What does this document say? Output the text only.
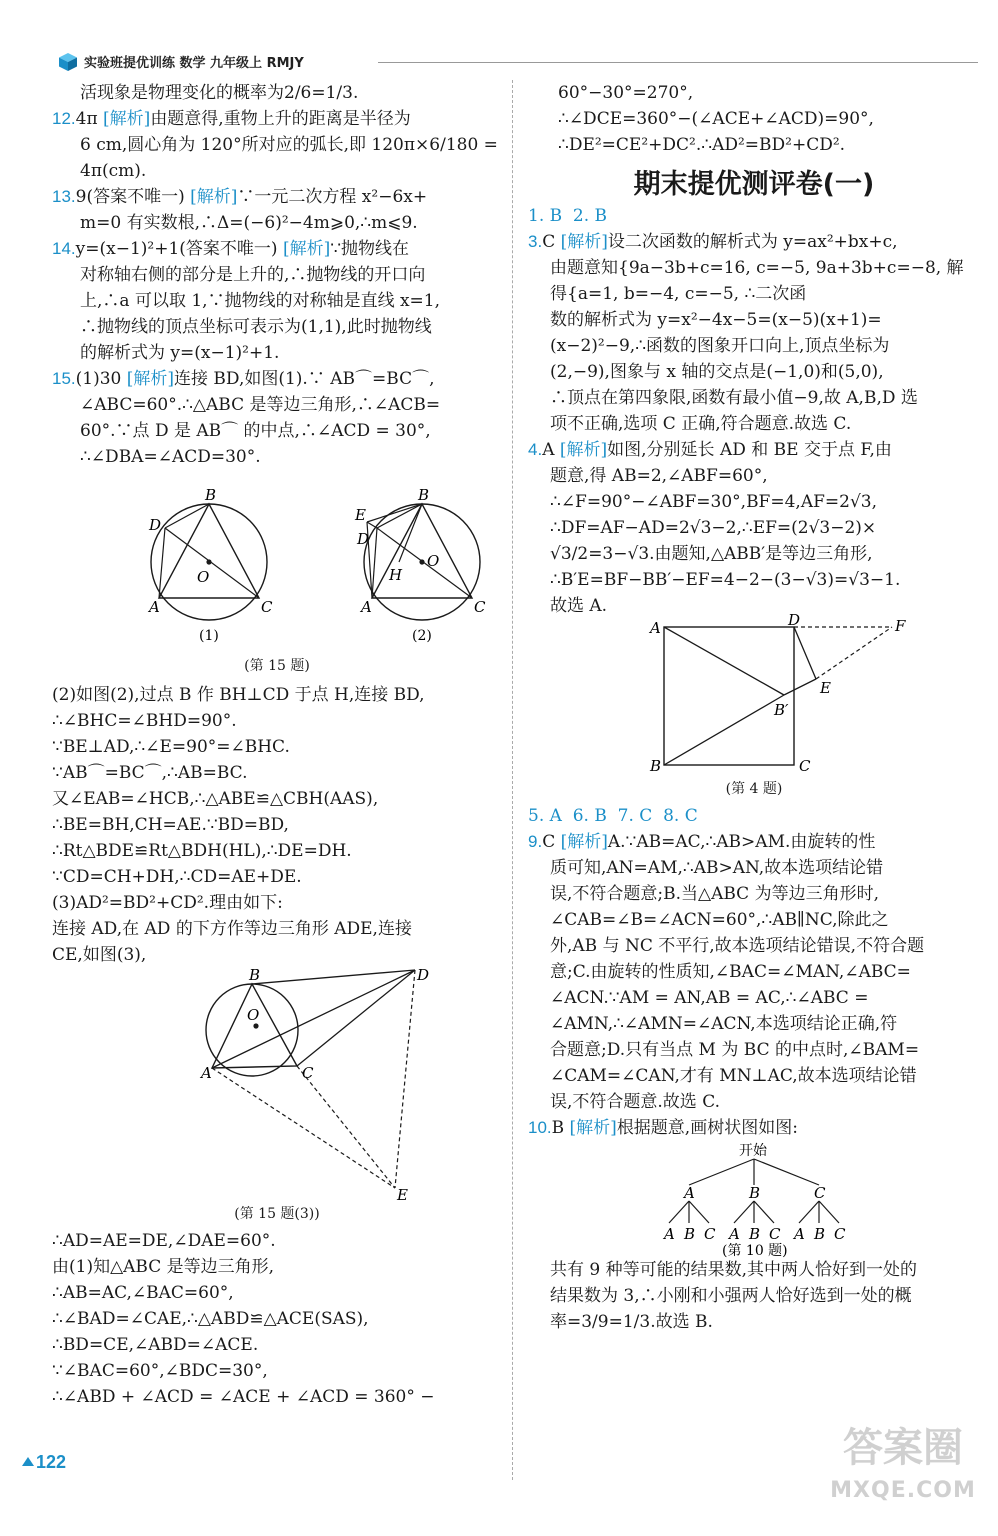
实验班提优训练 数学 九年级上 RMJY

活现象是物理变化的概率为2/6=1/3.

12.4π [解析]由题意得,重物上升的距离是半径为

6 cm,圆心角为 120°所对应的弧长,即 120π×6/180 =

4π(cm).

13.9(答案不唯一) [解析]∵一元二次方程 x²−6x+

m=0 有实数根,∴Δ=(−6)²−4m⩾0,∴m⩽9.

14.y=(x−1)²+1(答案不唯一) [解析]∵抛物线在

对称轴右侧的部分是上升的,∴抛物线的开口向

上,∴a 可以取 1,∵抛物线的对称轴是直线 x=1,

∴抛物线的顶点坐标可表示为(1,1),此时抛物线

的解析式为 y=(x−1)²+1.

15.(1)30 [解析]连接 BD,如图(1).∵ AB⌒=BC⌒,

∠ABC=60°.∴△ABC 是等边三角形,∴∠ACB=

60°.∵点 D 是 AB⌒ 的中点,∴∠ACD = 30°,

∴∠DBA=∠ACD=30°.

B
A	C
D
O
(1)
B
A	C
D
E
H
O
(2)
(第 15 题)

(2)如图(2),过点 B 作 BH⊥CD 于点 H,连接 BD,

∴∠BHC=∠BHD=90°.

∵BE⊥AD,∴∠E=90°=∠BHC.

∵AB⌒=BC⌒,∴AB=BC.

又∠EAB=∠HCB,∴△ABE≌△CBH(AAS),

∴BE=BH,CH=AE.∵BD=BD,

∴Rt△BDE≌Rt△BDH(HL),∴DE=DH.

∵CD=CH+DH,∴CD=AE+DE.

(3)AD²=BD²+CD².理由如下:

连接 AD,在 AD 的下方作等边三角形 ADE,连接

CE,如图(3),

B
A	C
D
E
O
(第 15 题(3))

∴AD=AE=DE,∠DAE=60°.

由(1)知△ABC 是等边三角形,

∴AB=AC,∠BAC=60°,

∴∠BAD=∠CAE,∴△ABD≌△ACE(SAS),

∴BD=CE,∠ABD=∠ACE.

∵∠BAC=60°,∠BDC=30°,

∴∠ABD + ∠ACD = ∠ACE + ∠ACD = 360° −

60°−30°=270°,

∴∠DCE=360°−(∠ACE+∠ACD)=90°,

∴DE²=CE²+DC².∴AD²=BD²+CD².

期末提优测评卷(一)

1. B  2. B

3.C [解析]设二次函数的解析式为 y=ax²+bx+c,

由题意知{9a−3b+c=16, c=−5, 9a+3b+c=−8, 解得{a=1, b=−4, c=−5, ∴二次函

数的解析式为 y=x²−4x−5=(x−5)(x+1)=

(x−2)²−9,∴函数的图象开口向上,顶点坐标为

(2,−9),图象与 x 轴的交点是(−1,0)和(5,0),

∴顶点在第四象限,函数有最小值−9,故 A,B,D 选

项不正确,选项 C 正确,符合题意.故选 C.

4.A [解析]如图,分别延长 AD 和 BE 交于点 F,由

题意,得 AB=2,∠ABF=60°,

∴∠F=90°−∠ABF=30°,BF=4,AF=2√3,

∴DF=AF−AD=2√3−2,∴EF=(2√3−2)×

√3/2=3−√3.由题知,△ABB′是等边三角形,

∴B′E=BF−BB′−EF=4−2−(3−√3)=√3−1.

故选 A.

A
B	C
D
E
F
B′
(第 4 题)

5. A  6. B  7. C  8. C

9.C [解析]A.∵AB=AC,∴AB>AM.由旋转的性

质可知,AN=AM,∴AB>AN,故本选项结论错

误,不符合题意;B.当△ABC 为等边三角形时,

∠CAB=∠B=∠ACN=60°,∴AB∥NC,除此之

外,AB 与 NC 不平行,故本选项结论错误,不符合题

意;C.由旋转的性质知,∠BAC=∠MAN,∠ABC=

∠ACN.∵AM = AN,AB = AC,∴∠ABC =

∠AMN,∴∠AMN=∠ACN,本选项结论正确,符

合题意;D.只有当点 M 为 BC 的中点时,∠BAM=

∠CAM=∠CAN,才有 MN⊥AC,故本选项结论错

误,不符合题意.故选 C.

10.B [解析]根据题意,画树状图如图:

开始
A	B	C
A B C A B C A B C
(第 10 题)

共有 9 种等可能的结果数,其中两人恰好到一处的

结果数为 3,∴小刚和小强两人恰好选到一处的概

率=3/9=1/3.故选 B.

122	答案圈
MXQE.COM
